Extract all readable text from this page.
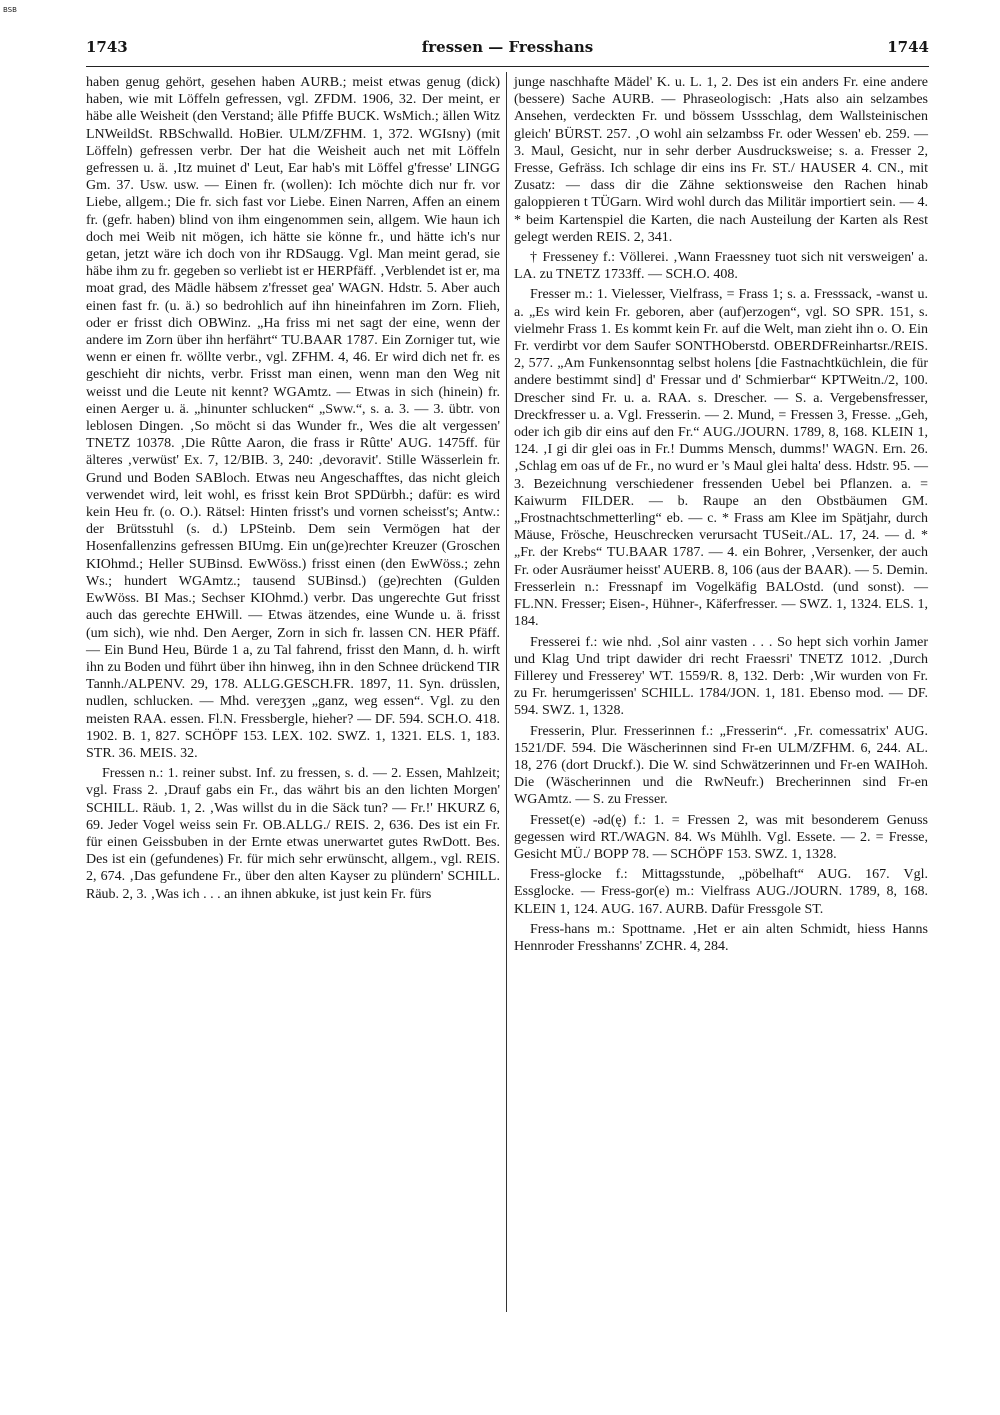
BSB
1743	fressen — Fresshans	1744

haben genug gehört, gesehen haben AURB.; meist etwas genug (dick) haben, wie mit Löffeln gefressen, vgl. ZFDM. 1906, 32. Der meint, er häbe alle Weisheit (den Verstand; älle Pfiffe BUCK. WsMich.; ällen Witz LNWeildSt. RBSchwalld. HoBier. ULM/ZFHM. 1, 372. WGIsny) (mit Löffeln) gefressen verbr. Der hat die Weisheit auch net mit Löffeln gefressen u. ä. ‚Itz muinet d' Leut, Ear hab's mit Löffel g'fresse' LINGG Gm. 37. Usw. usw. — Einen fr. (wollen): Ich möchte dich nur fr. vor Liebe, allgem.; Die fr. sich fast vor Liebe. Einen Narren, Affen an einem fr. (gefr. haben) blind von ihm eingenommen sein, allgem. Wie haun ich doch mei Weib nit mögen, ich hätte sie könne fr., und hätte ich's nur getan, jetzt wäre ich doch von ihr RDSaugg. Vgl. Man meint gerad, sie häbe ihm zu fr. gegeben so verliebt ist er HERPfäff. ‚Verblendet ist er, ma moat grad, des Mädle häbsem z'fresset gea' WAGN. Hdstr. 5. Aber auch einen fast fr. (u. ä.) so bedrohlich auf ihn hineinfahren im Zorn. Flieh, oder er frisst dich OBWinz. „Ha friss mi net sagt der eine, wenn der andere im Zorn über ihn herfährt“ TU.BAAR 1787. Ein Zorniger tut, wie wenn er einen fr. wöllte verbr., vgl. ZFHM. 4, 46. Er wird dich net fr. es geschieht dir nichts, verbr. Frisst man einen, wenn man den Weg nit weisst und die Leute nit kennt? WGAmtz. — Etwas in sich (hinein) fr. einen Aerger u. ä. „hinunter schlucken“ „Sww.“, s. a. 3. — 3. übtr. von leblosen Dingen. ‚So möcht si das Wunder fr., Wes die alt vergessen' TNETZ 10378. ‚Die Rûtte Aaron, die frass ir Rûtte' AUG. 1475ff. für älteres ‚verwüst' Ex. 7, 12/BIB. 3, 240: ‚devoravit'. Stille Wässerlein fr. Grund und Boden SABloch. Etwas neu Angeschafftes, das nicht gleich verwendet wird, leit wohl, es frisst kein Brot SPDürbh.; dafür: es wird kein Heu fr. (o. O.). Rätsel: Hinten frisst's und vornen scheisst's; Antw.: der Brütsstuhl (s. d.) LPSteinb. Dem sein Vermögen hat der Hosenfallenzins gefressen BIUmg. Ein un(ge)rechter Kreuzer (Groschen KIOhmd.; Heller SUBinsd. EwWöss.) frisst einen (den EwWöss.; zehn Ws.; hundert WGAmtz.; tausend SUBinsd.) (ge)rechten (Gulden EwWöss. BI Mas.; Sechser KIOhmd.) verbr. Das ungerechte Gut frisst auch das gerechte EHWill. — Etwas ätzendes, eine Wunde u. ä. frisst (um sich), wie nhd. Den Aerger, Zorn in sich fr. lassen CN. HER Pfäff. — Ein Bund Heu, Bürde 1 a, zu Tal fahrend, frisst den Mann, d. h. wirft ihn zu Boden und führt über ihn hinweg, ihn in den Schnee drückend TIR Tannh./ALPENV. 29, 178. ALLG.GESCH.FR. 1897, 11. Syn. drüsslen, nudlen, schlucken. — Mhd. vereʒʒen „ganz, weg essen“. Vgl. zu den meisten RAA. essen. Fl.N. Fressbergle, hieher? — DF. 594. SCH.O. 418. 1902. B. 1, 827. SCHÖPF 153. LEX. 102. SWZ. 1, 1321. ELS. 1, 183. STR. 36. MEIS. 32.

Fressen n.: 1. reiner subst. Inf. zu fressen, s. d. — 2. Essen, Mahlzeit; vgl. Frass 2. ‚Drauf gabs ein Fr., das währt bis an den lichten Morgen' SCHILL. Räub. 1, 2. ‚Was willst du in die Säck tun? — Fr.!' HKURZ 6, 69. Jeder Vogel weiss sein Fr. OB.ALLG./ REIS. 2, 636. Des ist ein Fr. für einen Geissbuben in der Ernte etwas unerwartet gutes RwDott. Bes. Des ist ein (gefundenes) Fr. für mich sehr erwünscht, allgem., vgl. REIS. 2, 674. ‚Das gefundene Fr., über den alten Kayser zu plündern' SCHILL. Räub. 2, 3. ‚Was ich . . . an ihnen abkuke, ist just kein Fr. fürs

junge naschhafte Mädel' K. u. L. 1, 2. Des ist ein anders Fr. eine andere (bessere) Sache AURB. — Phraseologisch: ‚Hats also ain selzambes Ansehen, verdeckten Fr. und bössem Ussschlag, dem Wallsteinischen gleich' BÜRST. 257. ‚O wohl ain selzambss Fr. oder Wessen' eb. 259. — 3. Maul, Gesicht, nur in sehr derber Ausdrucksweise; s. a. Fresser 2, Fresse, Gefräss. Ich schlage dir eins ins Fr. ST./ HAUSER 4. CN., mit Zusatz: — dass dir die Zähne sektionsweise den Rachen hinab galoppieren t TÜGarn. Wird wohl durch das Militär importiert sein. — 4. * beim Kartenspiel die Karten, die nach Austeilung der Karten als Rest gelegt werden REIS. 2, 341.

† Fresseney f.: Völlerei. ‚Wann Fraessney tuot sich nit versweigen' a. LA. zu TNETZ 1733ff. — SCH.O. 408.

Fresser m.: 1. Vielesser, Vielfrass, = Frass 1; s. a. Fresssack, -wanst u. a. „Es wird kein Fr. geboren, aber (auf)erzogen“, vgl. SO SPR. 151, s. vielmehr Frass 1. Es kommt kein Fr. auf die Welt, man zieht ihn o. O. Ein Fr. verdirbt vor dem Saufer SONTHOberstd. OBERDFReinhartsr./REIS. 2, 577. „Am Funkensonntag selbst holens [die Fastnachtküchlein, die für andere bestimmt sind] d' Fressar und d' Schmierbar“ KPTWeitn./2, 100. Drescher sind Fr. u. a. RAA. s. Drescher. — S. a. Vergebensfresser, Dreckfresser u. a. Vgl. Fresserin. — 2. Mund, = Fressen 3, Fresse. „Geh, oder ich gib dir eins auf den Fr.“ AUG./JOURN. 1789, 8, 168. KLEIN 1, 124. ‚I gi dir glei oas in Fr.! Dumms Mensch, dumms!' WAGN. Ern. 26. ‚Schlag em oas uf de Fr., no wurd er 's Maul glei halta' dess. Hdstr. 95. — 3. Bezeichnung verschiedener fressenden Uebel bei Pflanzen. a. = Kaiwurm FILDER. — b. Raupe an den Obstbäumen GM. „Frostnachtschmetterling“ eb. — c. * Frass am Klee im Spätjahr, durch Mäuse, Frösche, Heuschrecken verursacht TUSeit./AL. 17, 24. — d. * „Fr. der Krebs“ TU.BAAR 1787. — 4. ein Bohrer, ‚Versenker, der auch Fr. oder Ausräumer heisst' AUERB. 8, 106 (aus der BAAR). — 5. Demin. Fresserlein n.: Fressnapf im Vogelkäfig BALOstd. (und sonst). — FL.NN. Fresser; Eisen-, Hühner-, Käferfresser. — SWZ. 1, 1324. ELS. 1, 184.

Fresserei f.: wie nhd. ‚Sol ainr vasten . . . So hept sich vorhin Jamer und Klag Und tript dawider dri recht Fraessri' TNETZ 1012. ‚Durch Fillerey und Fresserey' WT. 1559/R. 8, 132. Derb: ‚Wir wurden von Fr. zu Fr. herumgerissen' SCHILL. 1784/JON. 1, 181. Ebenso mod. — DF. 594. SWZ. 1, 1328.

Fresserin, Plur. Fresserinnen f.: „Fresserin“. ‚Fr. comessatrix' AUG. 1521/DF. 594. Die Wäscherinnen sind Fr-en ULM/ZFHM. 6, 244. AL. 18, 276 (dort Druckf.). Die W. sind Schwätzerinnen und Fr-en WAIHoh. Die (Wäscherinnen und die RwNeufr.) Brecherinnen sind Fr-en WGAmtz. — S. zu Fresser.

Fresset(e) -ǝd(ę) f.: 1. = Fressen 2, was mit besonderem Genuss gegessen wird RT./WAGN. 84. Ws Mühlh. Vgl. Essete. — 2. = Fresse, Gesicht MÜ./ BOPP 78. — SCHÖPF 153. SWZ. 1, 1328.

Fress-glocke f.: Mittagsstunde, „pöbelhaft“ AUG. 167. Vgl. Essglocke. — Fress-gor(e) m.: Vielfrass AUG./JOURN. 1789, 8, 168. KLEIN 1, 124. AUG. 167. AURB. Dafür Fressgole ST.

Fress-hans m.: Spottname. ‚Het er ain alten Schmidt, hiess Hanns Hennroder Fresshanns' ZCHR. 4, 284.
